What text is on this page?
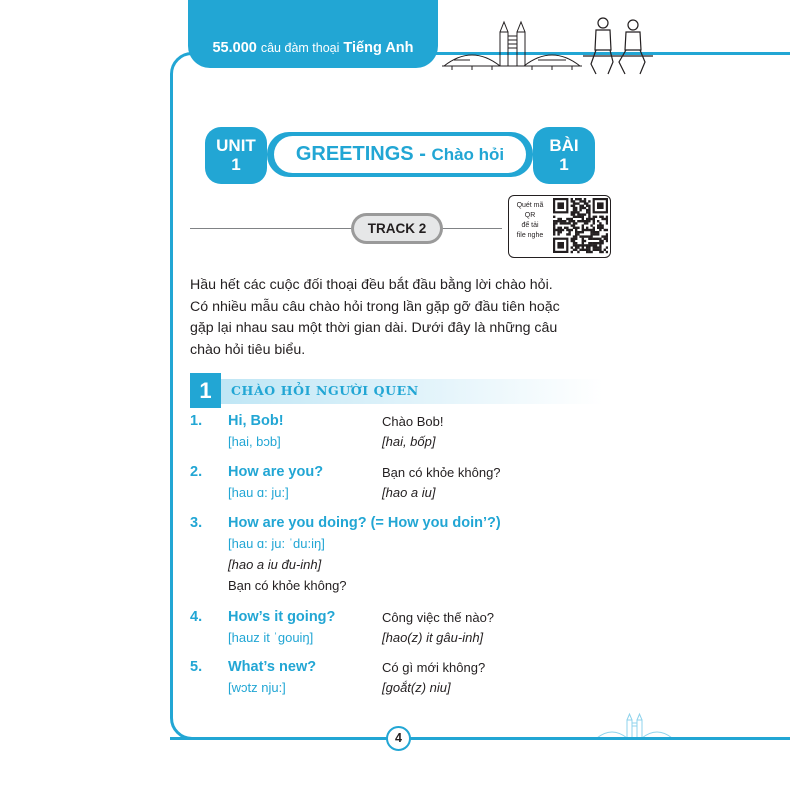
55.000 câu đàm thoại Tiếng Anh
UNIT
1	GREETINGS - Chào hỏi	BÀI
1
TRACK 2
Quét mã
QR
để tải
file nghe
Hầu hết các cuộc đối thoại đều bắt đầu bằng lời chào hỏi.
Có nhiều mẫu câu chào hỏi trong lần gặp gỡ đầu tiên hoặc
gặp lại nhau sau một thời gian dài. Dưới đây là những câu
chào hỏi tiêu biểu.
1	CHÀO HỎI NGƯỜI QUEN
1. Hi, Bob!
[hai, bɔb]
Chào Bob!
[hai, bốp]
2. How are you?
[hau ɑ: ju:]
Bạn có khỏe không?
[hao a iu]
3. How are you doing? (= How you doin’?)
[hau ɑ: ju: ˈdu:iŋ]
[hao a iu đu-inh]
Bạn có khỏe không?
4. How’s it going?
[hauz it ˈgouiŋ]
Công việc thế nào?
[hao(z) it gâu-inh]
5. What’s new?
[wɔtz nju:]
Có gì mới không?
[goắt(z) niu]
4
